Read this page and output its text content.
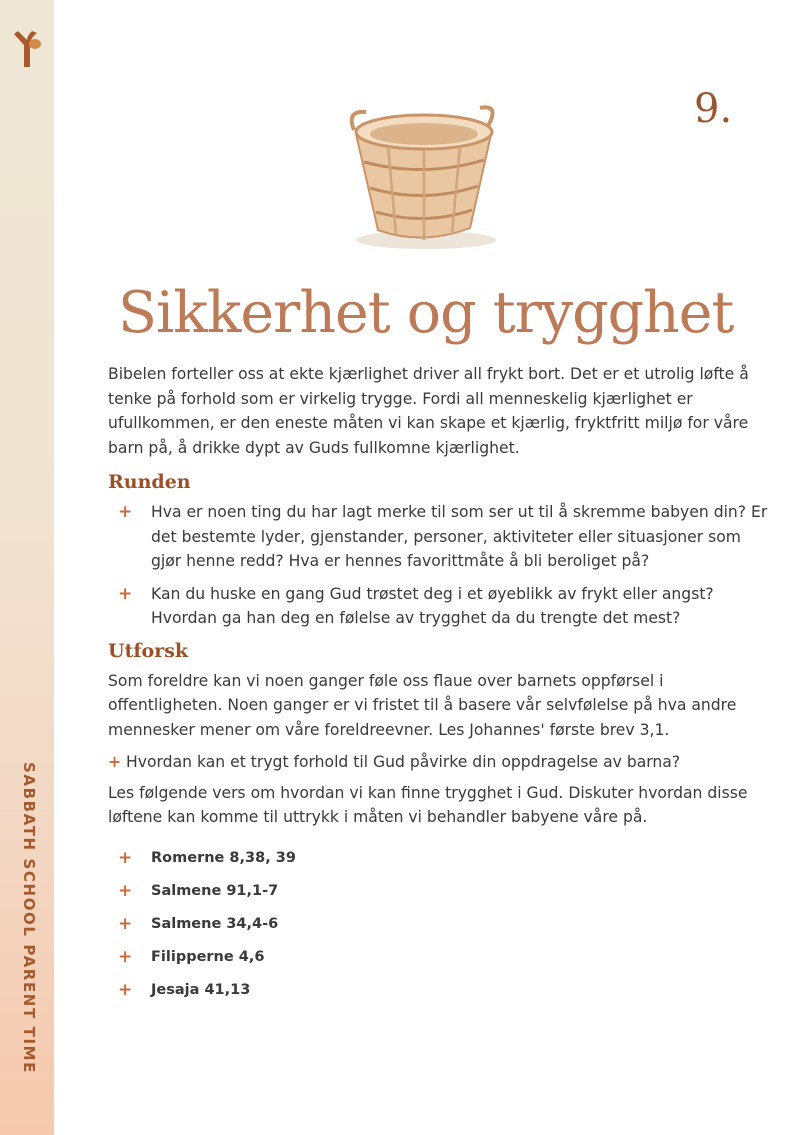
SABBATH SCHOOL PARENT TIME
9.
Sikkerhet og trygghet

Bibelen forteller oss at ekte kjærlighet driver all frykt bort. Det er et utrolig løfte å tenke på forhold som er virkelig trygge. Fordi all menneskelig kjærlighet er ufullkommen, er den eneste måten vi kan skape et kjærlig, fryktfritt miljø for våre barn på, å drikke dypt av Guds fullkomne kjærlighet.

Runden
+ Hva er noen ting du har lagt merke til som ser ut til å skremme babyen din? Er det bestemte lyder, gjenstander, personer, aktiviteter eller situasjoner som gjør henne redd? Hva er hennes favorittmåte å bli beroliget på?
+ Kan du huske en gang Gud trøstet deg i et øyeblikk av frykt eller angst? Hvordan ga han deg en følelse av trygghet da du trengte det mest?
Utforsk

Som foreldre kan vi noen ganger føle oss flaue over barnets oppførsel i offentligheten. Noen ganger er vi fristet til å basere vår selvfølelse på hva andre mennesker mener om våre foreldreevner. Les Johannes' første brev 3,1.

+ Hvordan kan et trygt forhold til Gud påvirke din oppdragelse av barna?

Les følgende vers om hvordan vi kan finne trygghet i Gud. Diskuter hvordan disse løftene kan komme til uttrykk i måten vi behandler babyene våre på.

+ Romerne 8,38, 39
+ Salmene 91,1-7
+ Salmene 34,4-6
+ Filipperne 4,6
+ Jesaja 41,13
